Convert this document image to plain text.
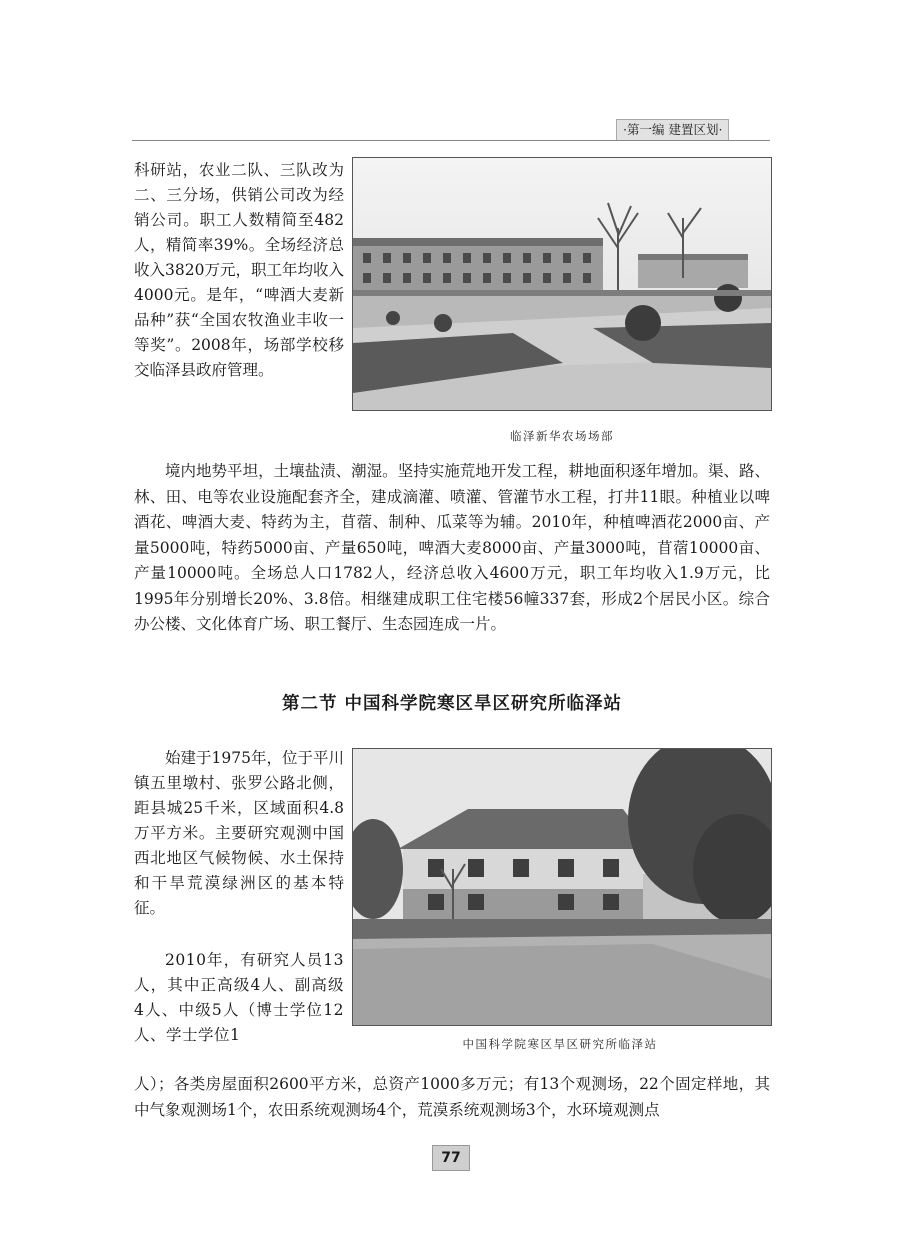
·第一编 建置区划·

科研站，农业二队、三队改为二、三分场，供销公司改为经销公司。职工人数精简至482人，精简率39%。全场经济总收入3820万元，职工年均收入4000元。是年，“啤酒大麦新品种”获“全国农牧渔业丰收一等奖”。2008年，场部学校移交临泽县政府管理。

临泽新华农场场部

境内地势平坦，土壤盐渍、潮湿。坚持实施荒地开发工程，耕地面积逐年增加。渠、路、林、田、电等农业设施配套齐全，建成滴灌、喷灌、管灌节水工程，打井11眼。种植业以啤酒花、啤酒大麦、特药为主，苜蓿、制种、瓜菜等为辅。2010年，种植啤酒花2000亩、产量5000吨，特药5000亩、产量650吨，啤酒大麦8000亩、产量3000吨，苜蓿10000亩、产量10000吨。全场总人口1782人，经济总收入4600万元，职工年均收入1.9万元，比1995年分别增长20%、3.8倍。相继建成职工住宅楼56幢337套，形成2个居民小区。综合办公楼、文化体育广场、职工餐厅、生态园连成一片。

第二节 中国科学院寒区旱区研究所临泽站

始建于1975年，位于平川镇五里墩村、张罗公路北侧，距县城25千米，区域面积4.8万平方米。主要研究观测中国西北地区气候物候、水土保持和干旱荒漠绿洲区的基本特征。

2010年，有研究人员13人，其中正高级4人、副高级4人、中级5人（博士学位12人、学士学位1	中国科学院寒区旱区研究所临泽站

人）；各类房屋面积2600平方米，总资产1000多万元；有13个观测场，22个固定样地，其中气象观测场1个，农田系统观测场4个，荒漠系统观测场3个，水环境观测点

77
